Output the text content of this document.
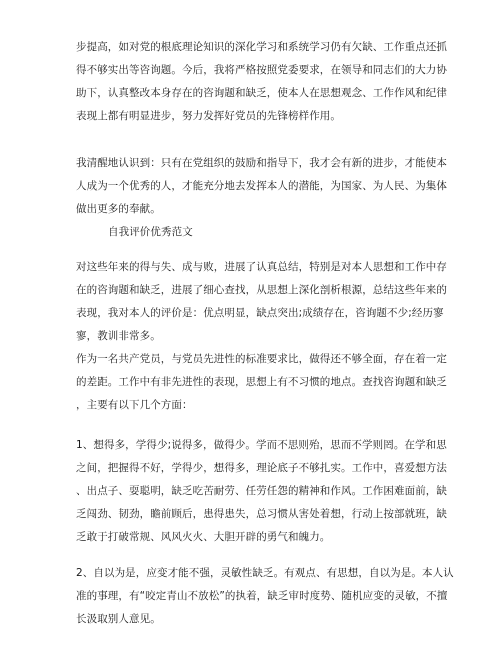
步提高，如对党的根底理论知识的深化学习和系统学习仍有欠缺、工作重点还抓
得不够实出等咨询题。今后，我将严格按照党委要求，在领导和同志们的大力协
助下，认真整改本身存在的咨询题和缺乏，使本人在思想观念、工作作风和纪律
表现上都有明显进步，努力发挥好党员的先锋榜样作用。
我清醒地认识到：只有在党组织的鼓励和指导下，我才会有新的进步，才能使本
人成为一个优秀的人，才能充分地去发挥本人的潜能，为国家、为人民、为集体
做出更多的奉献。
自我评价优秀范文
对这些年来的得与失、成与败，进展了认真总结，特别是对本人思想和工作中存
在的咨询题和缺乏，进展了细心查找，从思想上深化剖析根源，总结这些年来的
表现，我对本人的评价是：优点明显，缺点突出;成绩存在，咨询题不少;经历寥
寥，教训非常多。
作为一名共产党员，与党员先进性的标准要求比，做得还不够全面，存在着一定
的差距。工作中有非先进性的表现，思想上有不习惯的地点。查找咨询题和缺乏
，主要有以下几个方面：
1、想得多，学得少;说得多，做得少。学而不思则殆，思而不学则罔。在学和思
之间，把握得不好，学得少，想得多，理论底子不够扎实。工作中，喜爱想方法
、出点子、耍聪明，缺乏吃苦耐劳、任劳任怨的精神和作风。工作困难面前，缺
乏闯劲、韧劲，瞻前顾后，患得患失，总习惯从害处着想，行动上按部就班，缺
乏敢于打破常规、风风火火、大胆开辟的勇气和魄力。
2、自以为是，应变才能不强，灵敏性缺乏。有观点、有思想，自以为是。本人认
准的事理，有“咬定青山不放松”的执着，缺乏审时度势、随机应变的灵敏，不擅
长汲取别人意见。
